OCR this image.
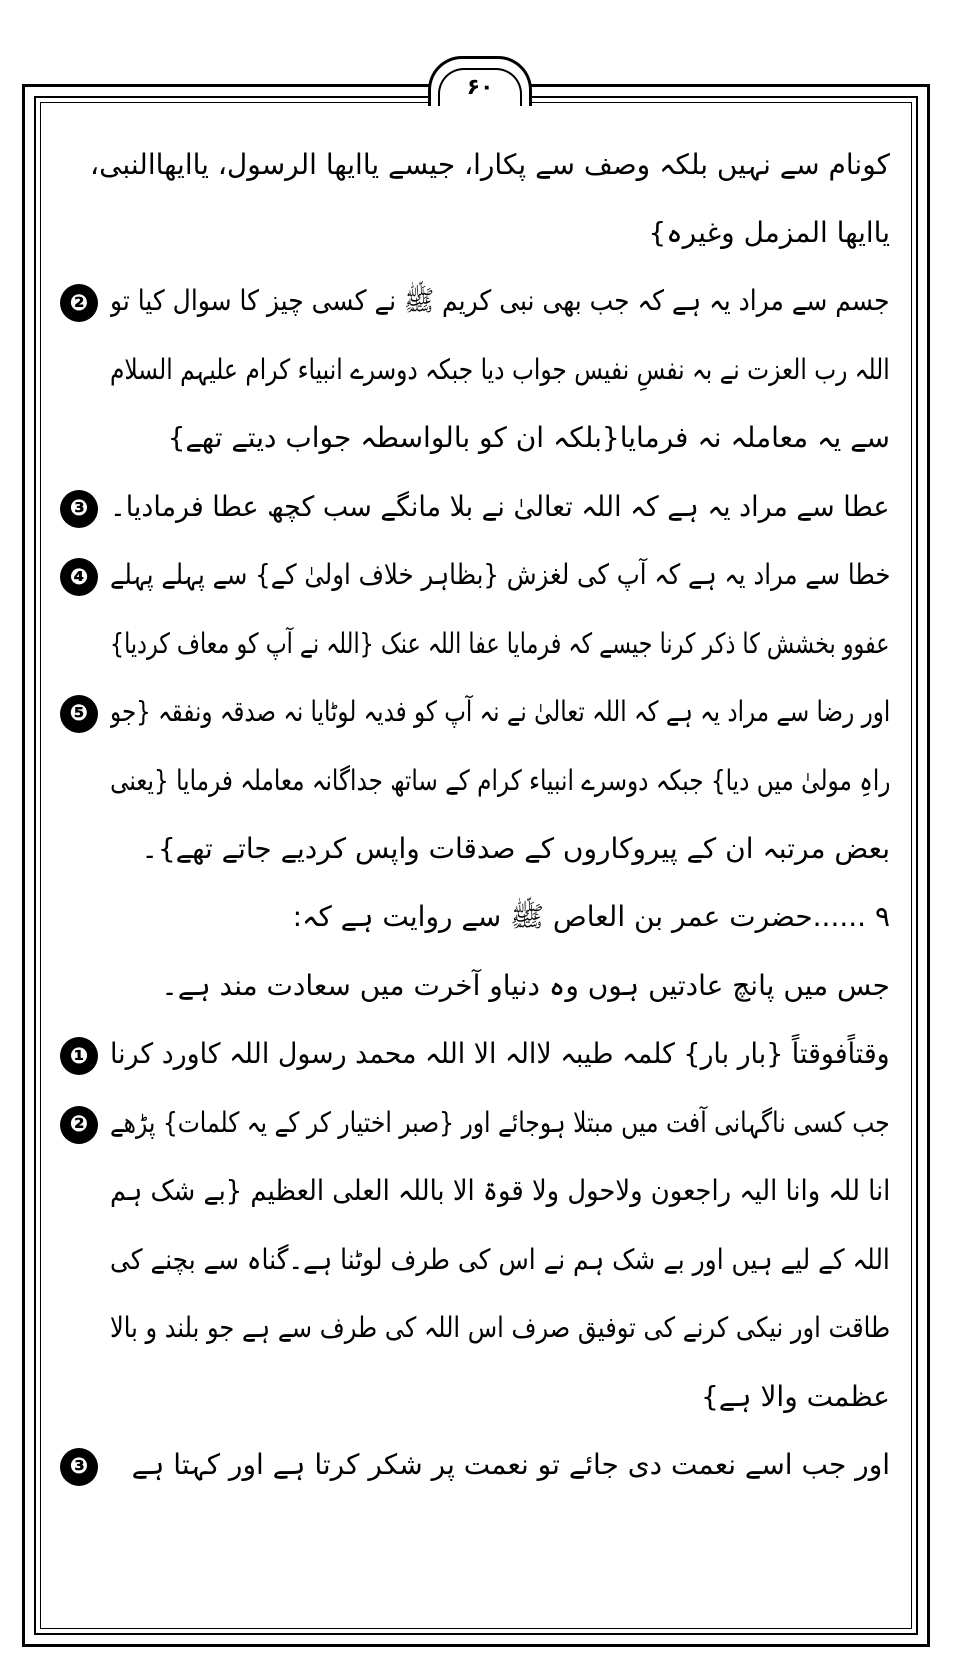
۶۰
کونام سے نہیں بلکہ وصف سے پکارا، جیسے یاایھا الرسول، یاایھاالنبی،
یاایھا المزمل وغیرہ}
جسم سے مراد یہ ہے کہ جب بھی نبی کریم ﷺ نے کسی چیز کا سوال کیا تو
❷
اللہ رب العزت نے بہ نفسِ نفیس جواب دیا جبکہ دوسرے انبیاء کرام علیہم السلام
سے یہ معاملہ نہ فرمایا{بلکہ ان کو بالواسطہ جواب دیتے تھے}
عطا سے مراد یہ ہے کہ اللہ تعالیٰ نے بلا مانگے سب کچھ عطا فرمادیا۔
❸
خطا سے مراد یہ ہے کہ آپ کی لغزش {بظاہر خلاف اولیٰ کے} سے پہلے پہلے
❹
عفوو بخشش کا ذکر کرنا جیسے کہ فرمایا عفا اللہ عنک {اللہ نے آپ کو معاف کردیا}
اور رضا سے مراد یہ ہے کہ اللہ تعالیٰ نے نہ آپ کو فدیہ لوٹایا نہ صدقہ ونفقہ {جو
❺
راہِ مولیٰ میں دیا} جبکہ دوسرے انبیاء کرام کے ساتھ جداگانہ معاملہ فرمایا {یعنی
بعض مرتبہ ان کے پیروکاروں کے صدقات واپس کردیے جاتے تھے}۔
۹ ......حضرت عمر بن العاص ﷺ سے روایت ہے کہ:
جس میں پانچ عادتیں ہوں وہ دنیاو آخرت میں سعادت مند ہے۔
وقتاًفوقتاً {بار بار} کلمہ طیبہ لاالہ الا اللہ محمد رسول اللہ کاورد کرنا
❶
جب کسی ناگہانی آفت میں مبتلا ہوجائے اور {صبر اختیار کر کے یہ کلمات} پڑھے
❷
انا للہ وانا الیہ راجعون ولاحول ولا قوۃ الا باللہ العلی العظیم {بے شک ہم
اللہ کے لیے ہیں اور بے شک ہم نے اس کی طرف لوٹنا ہے۔گناہ سے بچنے کی
طاقت اور نیکی کرنے کی توفیق صرف اس اللہ کی طرف سے ہے جو بلند و بالا
عظمت والا ہے}
اور جب اسے نعمت دی جائے تو نعمت پر شکر کرتا ہے اور کہتا ہے
❸
